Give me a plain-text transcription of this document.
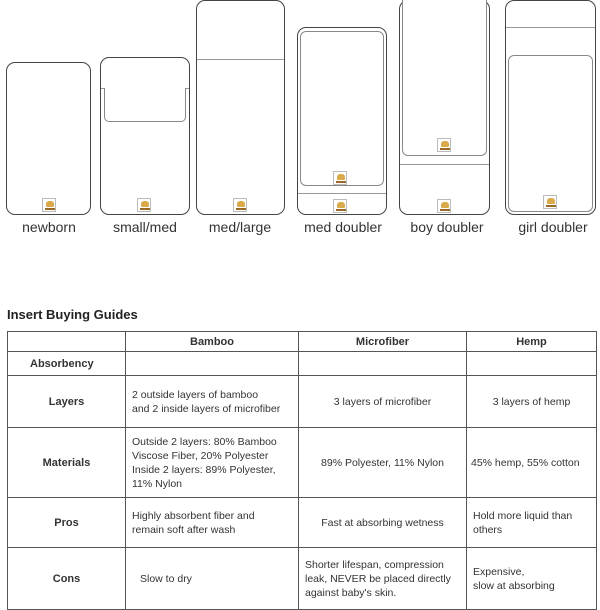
newborn	small/med med/large med doubler boy doubler girl doubler
Insert Buying Guides
	Bamboo	Microfiber	Hemp
Absorbency			
Layers	2 outside layers of bamboo
and 2 inside layers of microfiber	3 layers of microfiber	3 layers of hemp
Materials	Outside 2 layers: 80% Bamboo
Viscose Fiber, 20% Polyester
Inside 2 layers: 89% Polyester,
11% Nylon	89% Polyester, 11% Nylon	45% hemp, 55% cotton
Pros	Highly absorbent fiber and
remain soft after wash	Fast at absorbing wetness	Hold more liquid than
others
Cons	Slow to dry	Shorter lifespan, compression
leak, NEVER be placed directly
against baby's skin.	Expensive,
slow at absorbing
